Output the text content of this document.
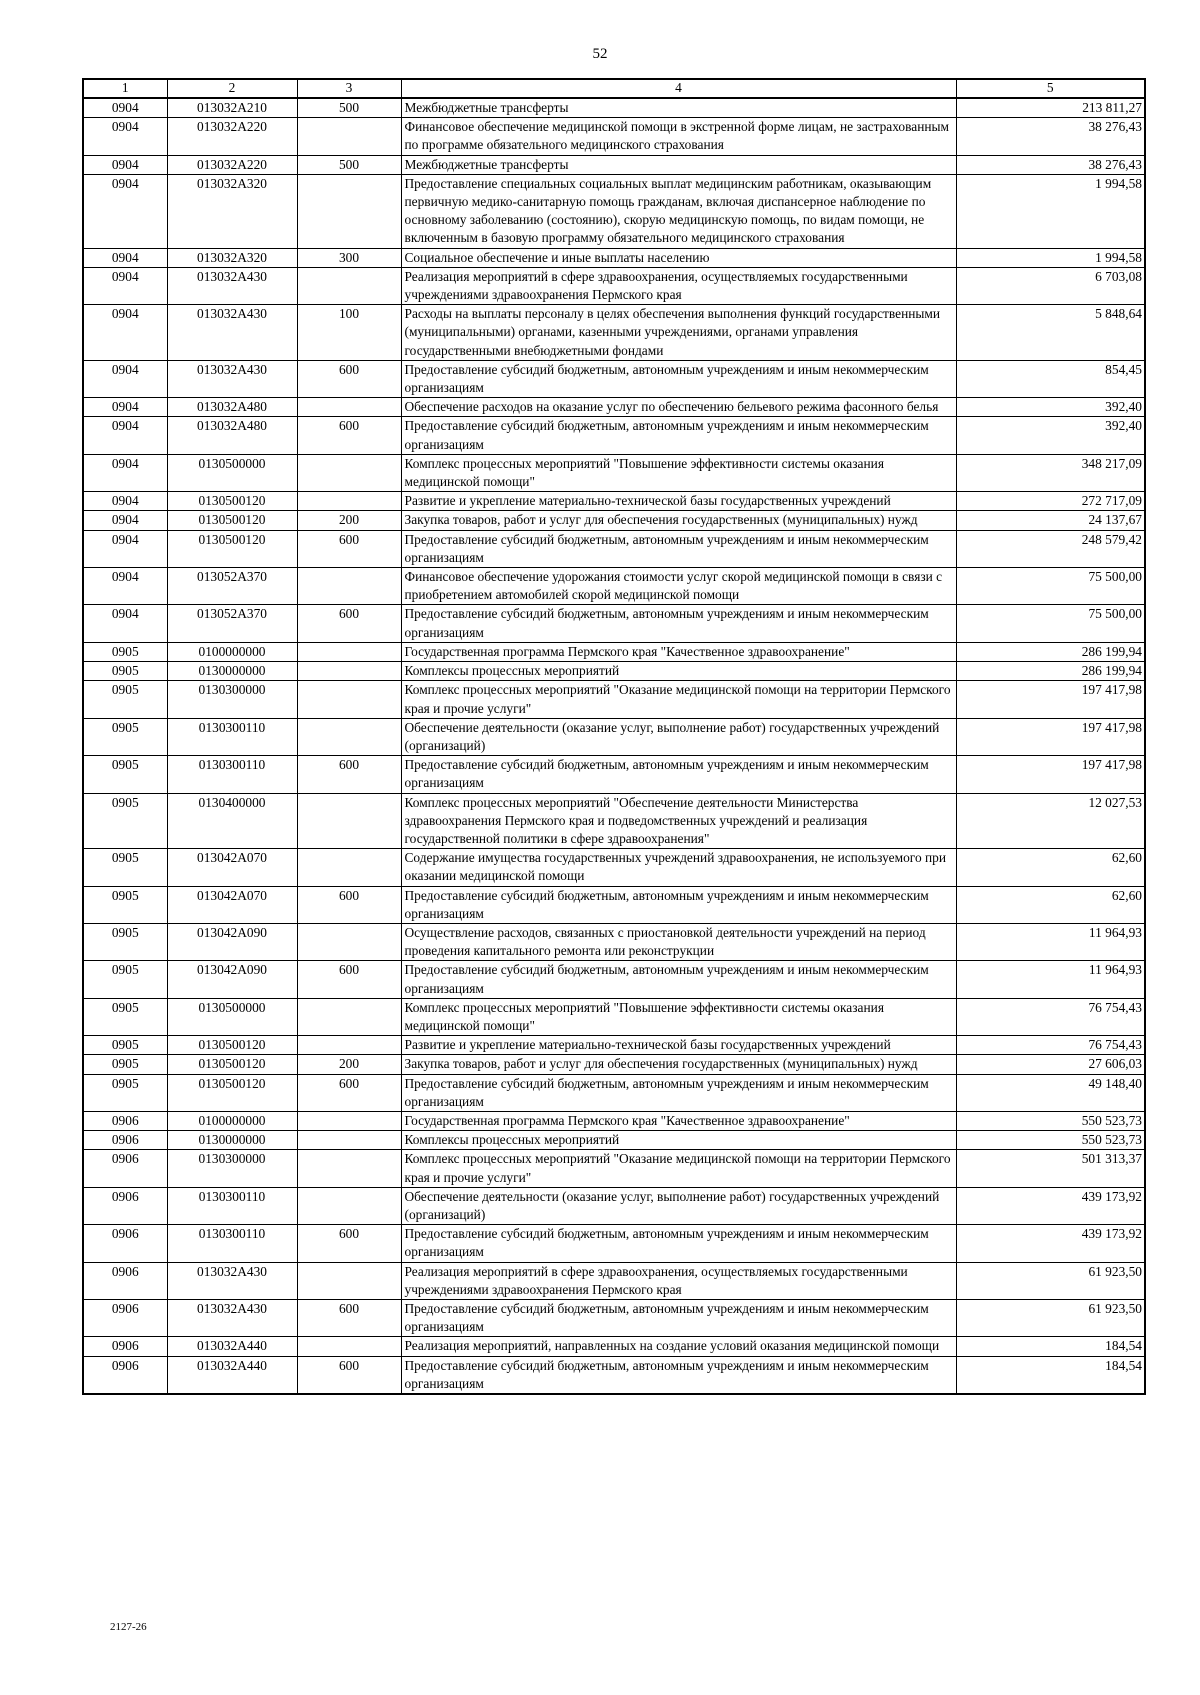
52
1	2	3	4	5
0904	013032А210	500	Межбюджетные трансферты	213 811,27
0904	013032А220		Финансовое обеспечение медицинской помощи в экстренной форме лицам, не застрахованным по программе обязательного медицинского страхования	38 276,43
0904	013032А220	500	Межбюджетные трансферты	38 276,43
0904	013032А320		Предоставление специальных социальных выплат медицинским работникам, оказывающим первичную медико-санитарную помощь гражданам, включая диспансерное наблюдение по основному заболеванию (состоянию), скорую медицинскую помощь, по видам помощи, не включенным в базовую программу обязательного медицинского страхования	1 994,58
0904	013032А320	300	Социальное обеспечение и иные выплаты населению	1 994,58
0904	013032А430		Реализация мероприятий в сфере здравоохранения, осуществляемых государственными учреждениями здравоохранения Пермского края	6 703,08
0904	013032А430	100	Расходы на выплаты персоналу в целях обеспечения выполнения функций государственными (муниципальными) органами, казенными учреждениями, органами управления государственными внебюджетными фондами	5 848,64
0904	013032А430	600	Предоставление субсидий бюджетным, автономным учреждениям и иным некоммерческим организациям	854,45
0904	013032А480		Обеспечение расходов на оказание услуг по обеспечению бельевого режима фасонного белья	392,40
0904	013032А480	600	Предоставление субсидий бюджетным, автономным учреждениям и иным некоммерческим организациям	392,40
0904	0130500000		Комплекс процессных мероприятий "Повышение эффективности системы оказания медицинской помощи"	348 217,09
0904	0130500120		Развитие и укрепление материально-технической базы государственных учреждений	272 717,09
0904	0130500120	200	Закупка товаров, работ и услуг для обеспечения государственных (муниципальных) нужд	24 137,67
0904	0130500120	600	Предоставление субсидий бюджетным, автономным учреждениям и иным некоммерческим организациям	248 579,42
0904	013052А370		Финансовое обеспечение удорожания стоимости услуг скорой медицинской помощи в связи с приобретением автомобилей скорой медицинской помощи	75 500,00
0904	013052А370	600	Предоставление субсидий бюджетным, автономным учреждениям и иным некоммерческим организациям	75 500,00
0905	0100000000		Государственная программа Пермского края "Качественное здравоохранение"	286 199,94
0905	0130000000		Комплексы процессных мероприятий	286 199,94
0905	0130300000		Комплекс процессных мероприятий "Оказание медицинской помощи на территории Пермского края и прочие услуги"	197 417,98
0905	0130300110		Обеспечение деятельности (оказание услуг, выполнение работ) государственных учреждений (организаций)	197 417,98
0905	0130300110	600	Предоставление субсидий бюджетным, автономным учреждениям и иным некоммерческим организациям	197 417,98
0905	0130400000		Комплекс процессных мероприятий "Обеспечение деятельности Министерства здравоохранения Пермского края и подведомственных учреждений и реализация государственной политики в сфере здравоохранения"	12 027,53
0905	013042А070		Содержание имущества государственных учреждений здравоохранения, не используемого при оказании медицинской помощи	62,60
0905	013042А070	600	Предоставление субсидий бюджетным, автономным учреждениям и иным некоммерческим организациям	62,60
0905	013042А090		Осуществление расходов, связанных с приостановкой деятельности учреждений на период проведения капитального ремонта или реконструкции	11 964,93
0905	013042А090	600	Предоставление субсидий бюджетным, автономным учреждениям и иным некоммерческим организациям	11 964,93
0905	0130500000		Комплекс процессных мероприятий "Повышение эффективности системы оказания медицинской помощи"	76 754,43
0905	0130500120		Развитие и укрепление материально-технической базы государственных учреждений	76 754,43
0905	0130500120	200	Закупка товаров, работ и услуг для обеспечения государственных (муниципальных) нужд	27 606,03
0905	0130500120	600	Предоставление субсидий бюджетным, автономным учреждениям и иным некоммерческим организациям	49 148,40
0906	0100000000		Государственная программа Пермского края "Качественное здравоохранение"	550 523,73
0906	0130000000		Комплексы процессных мероприятий	550 523,73
0906	0130300000		Комплекс процессных мероприятий "Оказание медицинской помощи на территории Пермского края и прочие услуги"	501 313,37
0906	0130300110		Обеспечение деятельности (оказание услуг, выполнение работ) государственных учреждений (организаций)	439 173,92
0906	0130300110	600	Предоставление субсидий бюджетным, автономным учреждениям и иным некоммерческим организациям	439 173,92
0906	013032А430		Реализация мероприятий в сфере здравоохранения, осуществляемых государственными учреждениями здравоохранения Пермского края	61 923,50
0906	013032А430	600	Предоставление субсидий бюджетным, автономным учреждениям и иным некоммерческим организациям	61 923,50
0906	013032А440		Реализация мероприятий, направленных на создание условий оказания медицинской помощи	184,54
0906	013032А440	600	Предоставление субсидий бюджетным, автономным учреждениям и иным некоммерческим организациям	184,54
2127-26
